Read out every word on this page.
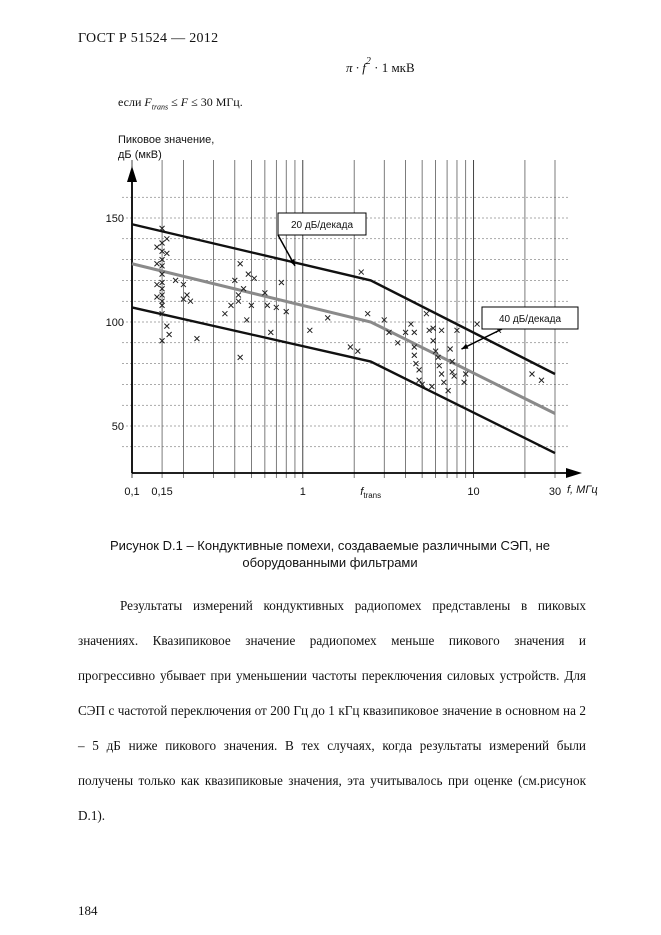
ГОСТ Р 51524 — 2012
$\pi \cdot f^2 \cdot 1$ мкВ
если $F_{trans} \le F \le 30$ МГц.
Пиковое значение,
дБ (мкВ)
150
100
50
0,1 0,15	1	$f_{trans}$	10	30 f, МГц
20 дБ/декада
40 дБ/декада
Рисунок D.1 – Кондуктивные помехи, создаваемые различными СЭП, не
оборудованными фильтрами
Результаты измерений кондуктивных радиопомех представлены в пиковых значениях. Квазипиковое значение радиопомех меньше пикового значения и прогрессивно убывает при уменьшении частоты переключения силовых устройств. Для СЭП с частотой переключения от 200 Гц до 1 кГц квазипиковое значение в основном на 2 – 5 дБ ниже пикового значения. В тех случаях, когда результаты измерений были получены только как квазипиковые значения, эта учитывалось при оценке (см.рисунок D.1).
184
